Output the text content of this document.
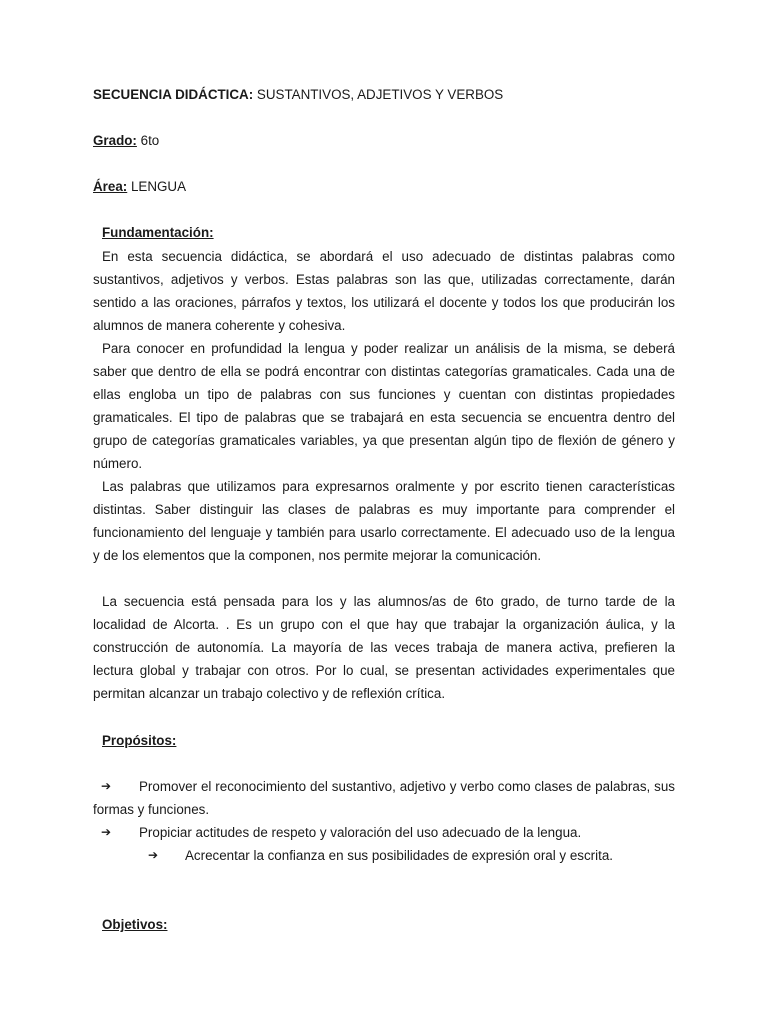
SECUENCIA DIDÁCTICA: SUSTANTIVOS, ADJETIVOS Y VERBOS
Grado: 6to
Área: LENGUA
Fundamentación:
En esta secuencia didáctica, se abordará el uso adecuado de distintas palabras como sustantivos, adjetivos y verbos. Estas palabras son las que, utilizadas correctamente, darán sentido a las oraciones, párrafos y textos, los utilizará el docente y todos los que producirán los alumnos de manera coherente y cohesiva.
Para conocer en profundidad la lengua y poder realizar un análisis de la misma, se deberá saber que dentro de ella se podrá encontrar con distintas categorías gramaticales. Cada una de ellas engloba un tipo de palabras con sus funciones y cuentan con distintas propiedades gramaticales. El tipo de palabras que se trabajará en esta secuencia se encuentra dentro del grupo de categorías gramaticales variables, ya que presentan algún tipo de flexión de género y número.
Las palabras que utilizamos para expresarnos oralmente y por escrito tienen características distintas. Saber distinguir las clases de palabras es muy importante para comprender el funcionamiento del lenguaje y también para usarlo correctamente. El adecuado uso de la lengua y de los elementos que la componen, nos permite mejorar la comunicación.
La secuencia está pensada para los y las alumnos/as de 6to grado, de turno tarde de la localidad de Alcorta. . Es un grupo con el que hay que trabajar la organización áulica, y la construcción de autonomía. La mayoría de las veces trabaja de manera activa, prefieren la lectura global y trabajar con otros. Por lo cual, se presentan actividades experimentales que permitan alcanzar un trabajo colectivo y de reflexión crítica.
Propósitos:
➔
➔ Propiciar actitudes de respeto y valoración del uso adecuado de la lengua.
➔ Acrecentar la confianza en sus posibilidades de expresión oral y escrita.
Objetivos:
Promover el reconocimiento del sustantivo, adjetivo y verbo como clases de palabras, sus formas y funciones.
